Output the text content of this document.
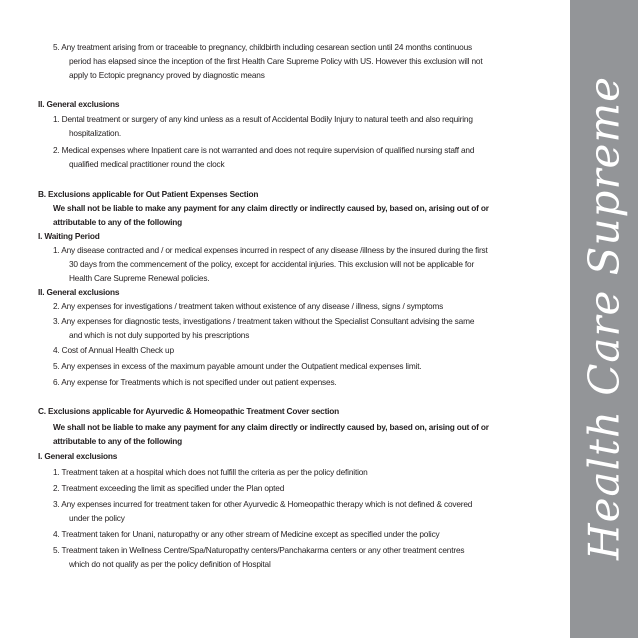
5. Any treatment arising from or traceable to pregnancy, childbirth including cesarean section until 24 months continuous
period has elapsed since the inception of the first Health Care Supreme Policy with US. However this exclusion will not
apply to Ectopic pregnancy proved by diagnostic means
II. General exclusions
1. Dental treatment or surgery of any kind unless as a result of Accidental Bodily Injury to natural teeth and also requiring
hospitalization.
2. Medical expenses where Inpatient care is not warranted and does not require supervision of qualified nursing staff and
qualified medical practitioner round the clock
B. Exclusions applicable for Out Patient Expenses Section
We shall not be liable to make any payment for any claim directly or indirectly caused by, based on, arising out of or
attributable to any of the following
I. Waiting Period
1. Any disease contracted and / or medical expenses incurred in respect of any disease /illness by the insured during the first
30 days from the commencement of the policy, except for accidental injuries. This exclusion will not be applicable for
Health Care Supreme Renewal policies.
II. General exclusions
2. Any expenses for investigations / treatment taken without existence of any disease / illness, signs / symptoms
3. Any expenses for diagnostic tests, investigations / treatment taken without the Specialist Consultant advising the same
and which is not duly supported by his prescriptions
4. Cost of Annual Health Check up
5. Any expenses in excess of the maximum payable amount under the Outpatient medical expenses limit.
6. Any expense for Treatments which is not specified under out patient expenses.
C. Exclusions applicable for Ayurvedic & Homeopathic Treatment Cover section
We shall not be liable to make any payment for any claim directly or indirectly caused by, based on, arising out of or
attributable to any of the following
I. General exclusions
1. Treatment taken at a hospital which does not fulfill the criteria as per the policy definition
2. Treatment exceeding the limit as specified under the Plan opted
3. Any expenses incurred for treatment taken for other Ayurvedic & Homeopathic therapy which is not defined & covered
under the policy
4. Treatment taken for Unani, naturopathy or any other stream of Medicine except as specified under the policy
5. Treatment taken in Wellness Centre/Spa/Naturopathy centers/Panchakarma centers or any other treatment centres
which do not qualify as per the policy definition of Hospital
Health Care Supreme
